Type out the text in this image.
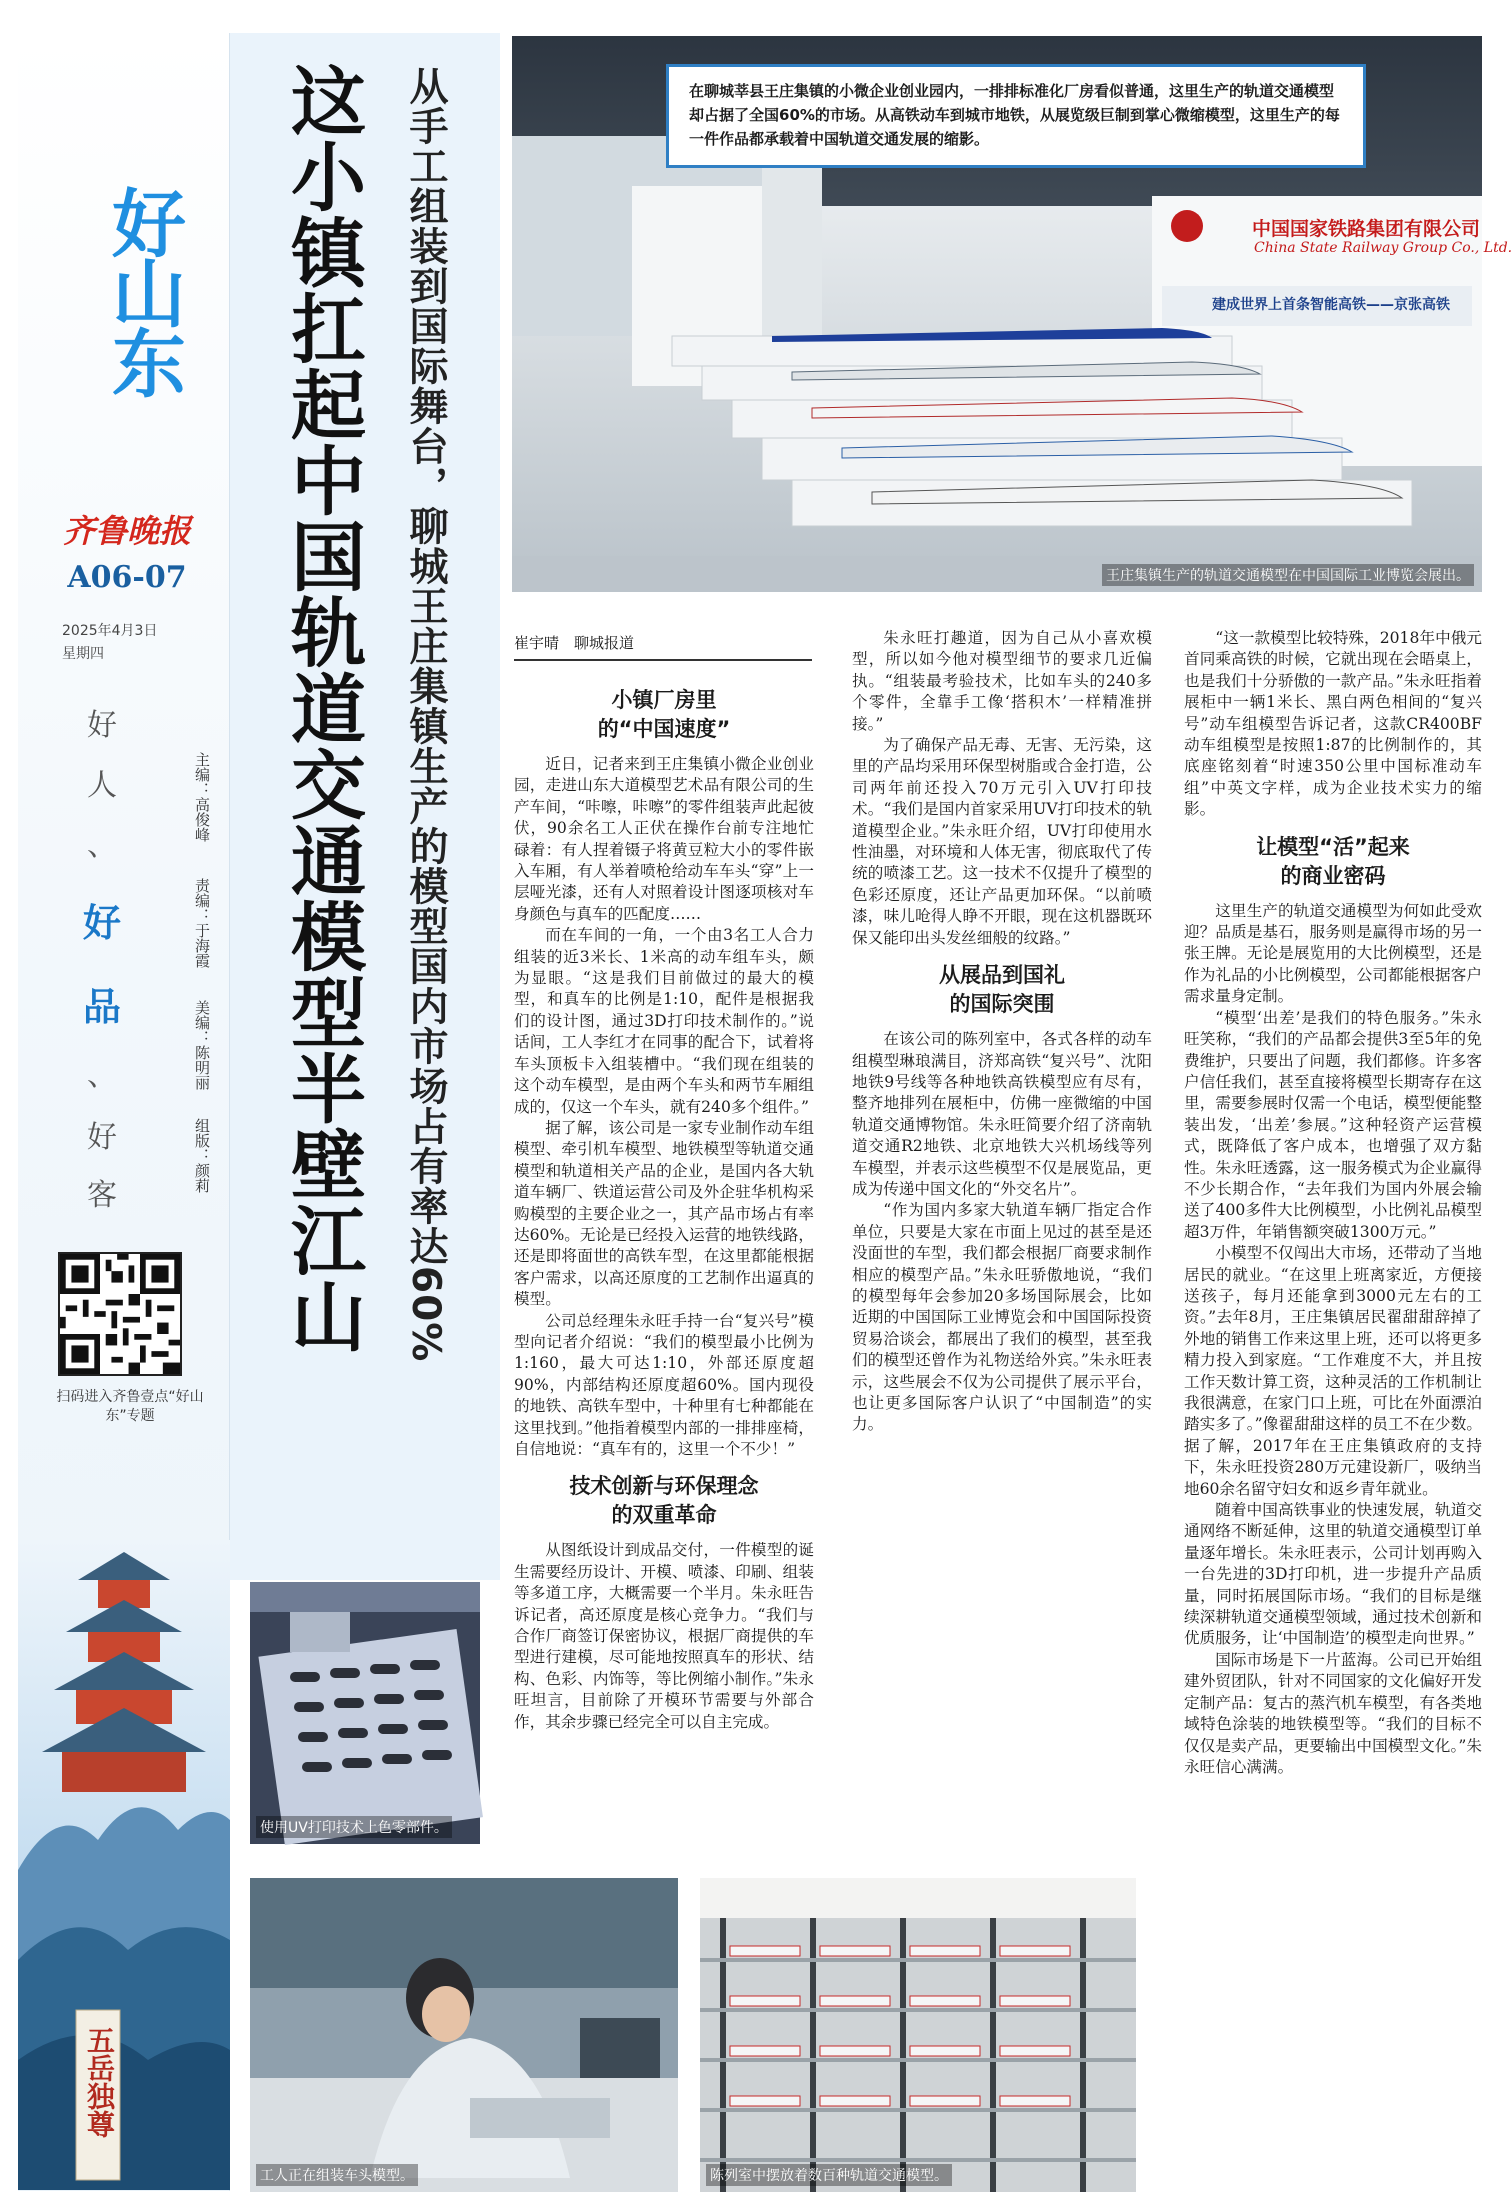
好山东
齐鲁晚报
A06-07
2025年4月3日
星期四
好
人
、
好
品
、
好
客
主编：高俊峰
责编：于海霞
美编：陈明丽
组版：颜莉
扫码进入齐鲁壹点“好山东”专题
五岳独尊
这小镇扛起中国轨道交通模型半壁江山 从手工组装到国际舞台，聊城王庄集镇生产的模型国内市场占有率达60%	中国国家铁路集团有限公司
China State Railway Group Co., Ltd.
建成世界上首条智能高铁——京张高铁
王庄集镇生产的轨道交通模型在中国国际工业博览会展出。
在聊城莘县王庄集镇的小微企业创业园内，一排排标准化厂房看似普通，这里生产的轨道交通模型却占据了全国60%的市场。从高铁动车到城市地铁，从展览级巨制到掌心微缩模型，这里生产的每一件作品都承载着中国轨道交通发展的缩影。
使用UV打印技术上色零部件。
工人正在组装车头模型。	陈列室中摆放着数百种轨道交通模型。
崔宇晴　聊城报道
小镇厂房里
的“中国速度”

近日，记者来到王庄集镇小微企业创业园，走进山东大道模型艺术品有限公司的生产车间，“咔嚓，咔嚓”的零件组装声此起彼伏，90余名工人正伏在操作台前专注地忙碌着：有人捏着镊子将黄豆粒大小的零件嵌入车厢，有人举着喷枪给动车车头“穿”上一层哑光漆，还有人对照着设计图逐项核对车身颜色与真车的匹配度……

而在车间的一角，一个由3名工人合力组装的近3米长、1米高的动车组车头，颇为显眼。“这是我们目前做过的最大的模型，和真车的比例是1:10，配件是根据我们的设计图，通过3D打印技术制作的。”说话间，工人李红才在同事的配合下，试着将车头顶板卡入组装槽中。“我们现在组装的这个动车模型，是由两个车头和两节车厢组成的，仅这一个车头，就有240多个组件。”

据了解，该公司是一家专业制作动车组模型、牵引机车模型、地铁模型等轨道交通模型和轨道相关产品的企业，是国内各大轨道车辆厂、铁道运营公司及外企驻华机构采购模型的主要企业之一，其产品市场占有率达60%。无论是已经投入运营的地铁线路，还是即将面世的高铁车型，在这里都能根据客户需求，以高还原度的工艺制作出逼真的模型。

公司总经理朱永旺手持一台“复兴号”模型向记者介绍说：“我们的模型最小比例为1:160，最大可达1:10，外部还原度超90%，内部结构还原度超60%。国内现役的地铁、高铁车型中，十种里有七种都能在这里找到。”他指着模型内部的一排排座椅，自信地说：“真车有的，这里一个不少！”

技术创新与环保理念
的双重革命

从图纸设计到成品交付，一件模型的诞生需要经历设计、开模、喷漆、印刷、组装等多道工序，大概需要一个半月。朱永旺告诉记者，高还原度是核心竞争力。“我们与合作厂商签订保密协议，根据厂商提供的车型进行建模，尽可能地按照真车的形状、结构、色彩、内饰等，等比例缩小制作。”朱永旺坦言，目前除了开模环节需要与外部合作，其余步骤已经完全可以自主完成。

朱永旺打趣道，因为自己从小喜欢模型，所以如今他对模型细节的要求几近偏执。“组装最考验技术，比如车头的240多个零件，全靠手工像‘搭积木’一样精准拼接。”

为了确保产品无毒、无害、无污染，这里的产品均采用环保型树脂或合金打造，公司两年前还投入70万元引入UV打印技术。“我们是国内首家采用UV打印技术的轨道模型企业。”朱永旺介绍，UV打印使用水性油墨，对环境和人体无害，彻底取代了传统的喷漆工艺。这一技术不仅提升了模型的色彩还原度，还让产品更加环保。“以前喷漆，味儿呛得人睁不开眼，现在这机器既环保又能印出头发丝细般的纹路。”

从展品到国礼
的国际突围

在该公司的陈列室中，各式各样的动车组模型琳琅满目，济郑高铁“复兴号”、沈阳地铁9号线等各种地铁高铁模型应有尽有，整齐地排列在展柜中，仿佛一座微缩的中国轨道交通博物馆。朱永旺简要介绍了济南轨道交通R2地铁、北京地铁大兴机场线等列车模型，并表示这些模型不仅是展览品，更成为传递中国文化的“外交名片”。

“作为国内多家大轨道车辆厂指定合作单位，只要是大家在市面上见过的甚至是还没面世的车型，我们都会根据厂商要求制作相应的模型产品。”朱永旺骄傲地说，“我们的模型每年会参加20多场国际展会，比如近期的中国国际工业博览会和中国国际投资贸易洽谈会，都展出了我们的模型，甚至我们的模型还曾作为礼物送给外宾。”朱永旺表示，这些展会不仅为公司提供了展示平台，也让更多国际客户认识了“中国制造”的实力。

“这一款模型比较特殊，2018年中俄元首同乘高铁的时候，它就出现在会晤桌上，也是我们十分骄傲的一款产品。”朱永旺指着展柜中一辆1米长、黑白两色相间的“复兴号”动车组模型告诉记者，这款CR400BF动车组模型是按照1:87的比例制作的，其底座铭刻着“时速350公里中国标准动车组”中英文字样，成为企业技术实力的缩影。

让模型“活”起来
的商业密码

这里生产的轨道交通模型为何如此受欢迎？品质是基石，服务则是赢得市场的另一张王牌。无论是展览用的大比例模型，还是作为礼品的小比例模型，公司都能根据客户需求量身定制。

“模型‘出差’是我们的特色服务。”朱永旺笑称，“我们的产品都会提供3至5年的免费维护，只要出了问题，我们都修。许多客户信任我们，甚至直接将模型长期寄存在这里，需要参展时仅需一个电话，模型便能整装出发，‘出差’参展。”这种轻资产运营模式，既降低了客户成本，也增强了双方黏性。朱永旺透露，这一服务模式为企业赢得不少长期合作，“去年我们为国内外展会输送了400多件大比例模型，小比例礼品模型超3万件，年销售额突破1300万元。”

小模型不仅闯出大市场，还带动了当地居民的就业。“在这里上班离家近，方便接送孩子，每月还能拿到3000元左右的工资。”去年8月，王庄集镇居民翟甜甜辞掉了外地的销售工作来这里上班，还可以将更多精力投入到家庭。“工作难度不大，并且按工作天数计算工资，这种灵活的工作机制让我很满意，在家门口上班，可比在外面漂泊踏实多了。”像翟甜甜这样的员工不在少数。据了解，2017年在王庄集镇政府的支持下，朱永旺投资280万元建设新厂，吸纳当地60余名留守妇女和返乡青年就业。

随着中国高铁事业的快速发展，轨道交通网络不断延伸，这里的轨道交通模型订单量逐年增长。朱永旺表示，公司计划再购入一台先进的3D打印机，进一步提升产品质量，同时拓展国际市场。“我们的目标是继续深耕轨道交通模型领域，通过技术创新和优质服务，让‘中国制造’的模型走向世界。”

国际市场是下一片蓝海。公司已开始组建外贸团队，针对不同国家的文化偏好开发定制产品：复古的蒸汽机车模型，有各类地域特色涂装的地铁模型等。“我们的目标不仅仅是卖产品，更要输出中国模型文化。”朱永旺信心满满。
